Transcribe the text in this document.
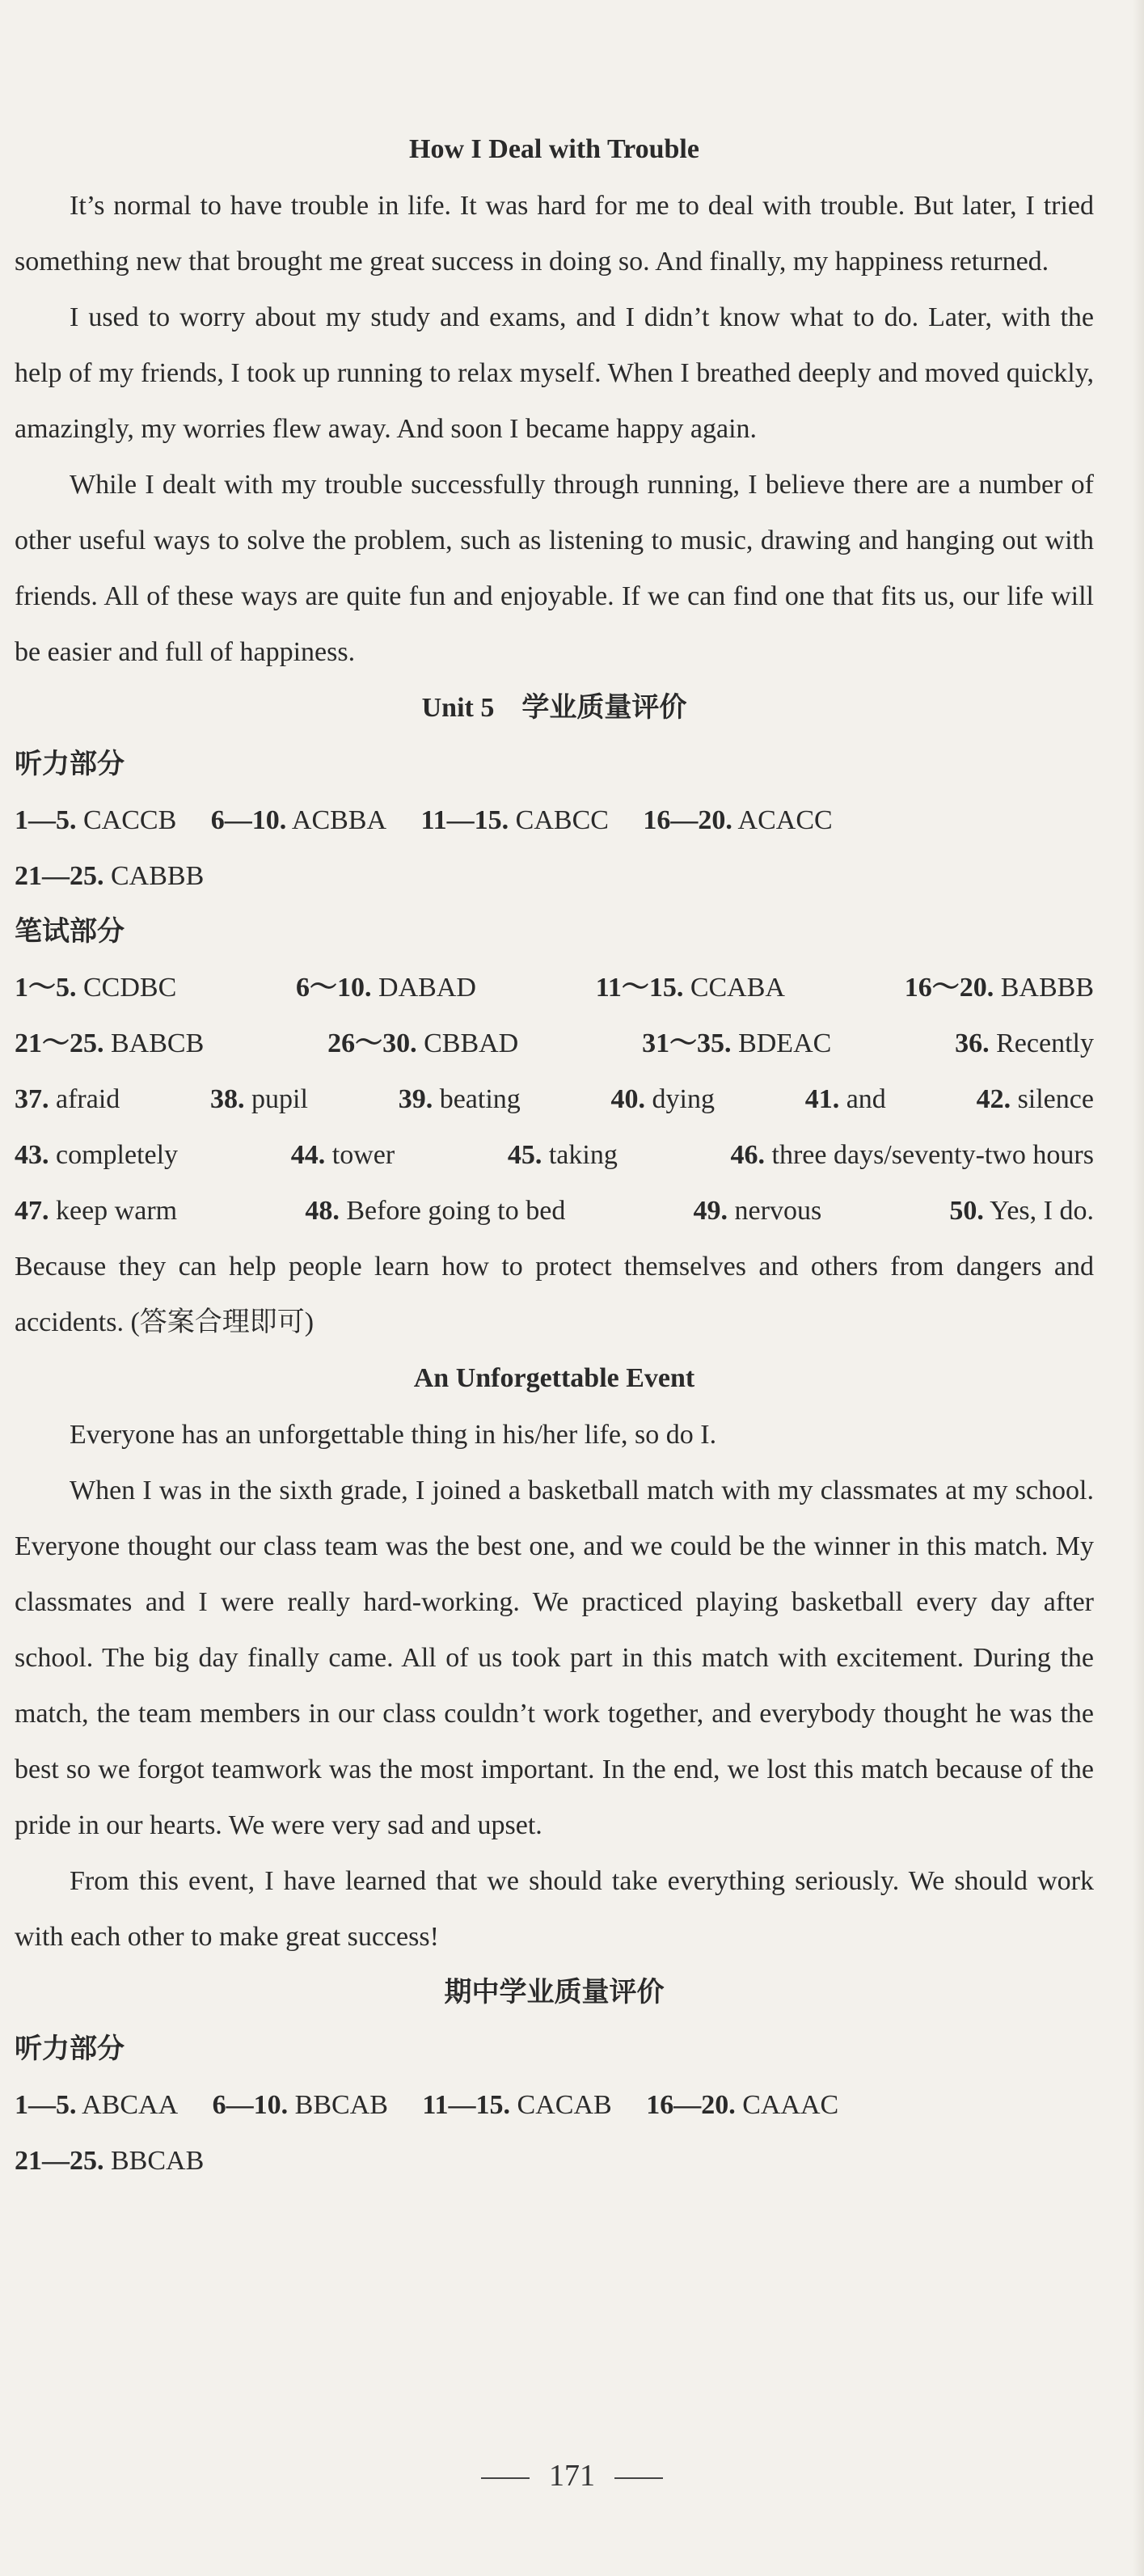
How I Deal with Trouble

It’s normal to have trouble in life. It was hard for me to deal with trouble. But later, I tried something new that brought me great success in doing so. And finally, my happiness returned.

I used to worry about my study and exams, and I didn’t know what to do. Later, with the help of my friends, I took up running to relax myself. When I breathed deeply and moved quickly, amazingly, my worries flew away. And soon I became happy again.

While I dealt with my trouble successfully through running, I believe there are a number of other useful ways to solve the problem, such as listening to music, drawing and hanging out with friends. All of these ways are quite fun and enjoyable. If we can find one that fits us, our life will be easier and full of happiness.

Unit 5　学业质量评价

听力部分

1—5. CACCB 6—10. ACBBA 11—15. CABCC 16—20. ACACC

21—25. CABBB

笔试部分

1～5. CCDBC	6～10. DABAD	11～15. CCABA	16～20. BABBB

21～25. BABCB	26～30. CBBAD	31～35. BDEAC	36. Recently

37. afraid	38. pupil	39. beating	40. dying	41. and	42. silence

43. completely	44. tower	45. taking	46. three days/seventy-two hours

47. keep warm	48. Before going to bed	49. nervous	50. Yes, I do.

Because they can help people learn how to protect themselves and others from dangers and accidents. (答案合理即可)

An Unforgettable Event

Everyone has an unforgettable thing in his/her life, so do I.

When I was in the sixth grade, I joined a basketball match with my classmates at my school. Everyone thought our class team was the best one, and we could be the winner in this match. My classmates and I were really hard-working. We practiced playing basketball every day after school. The big day finally came. All of us took part in this match with excitement. During the match, the team members in our class couldn’t work together, and everybody thought he was the best so we forgot teamwork was the most important. In the end, we lost this match because of the pride in our hearts. We were very sad and upset.

From this event, I have learned that we should take everything seriously. We should work with each other to make great success!

期中学业质量评价

听力部分

1—5. ABCAA 6—10. BBCAB 11—15. CACAB 16—20. CAAAC

21—25. BBCAB

171
